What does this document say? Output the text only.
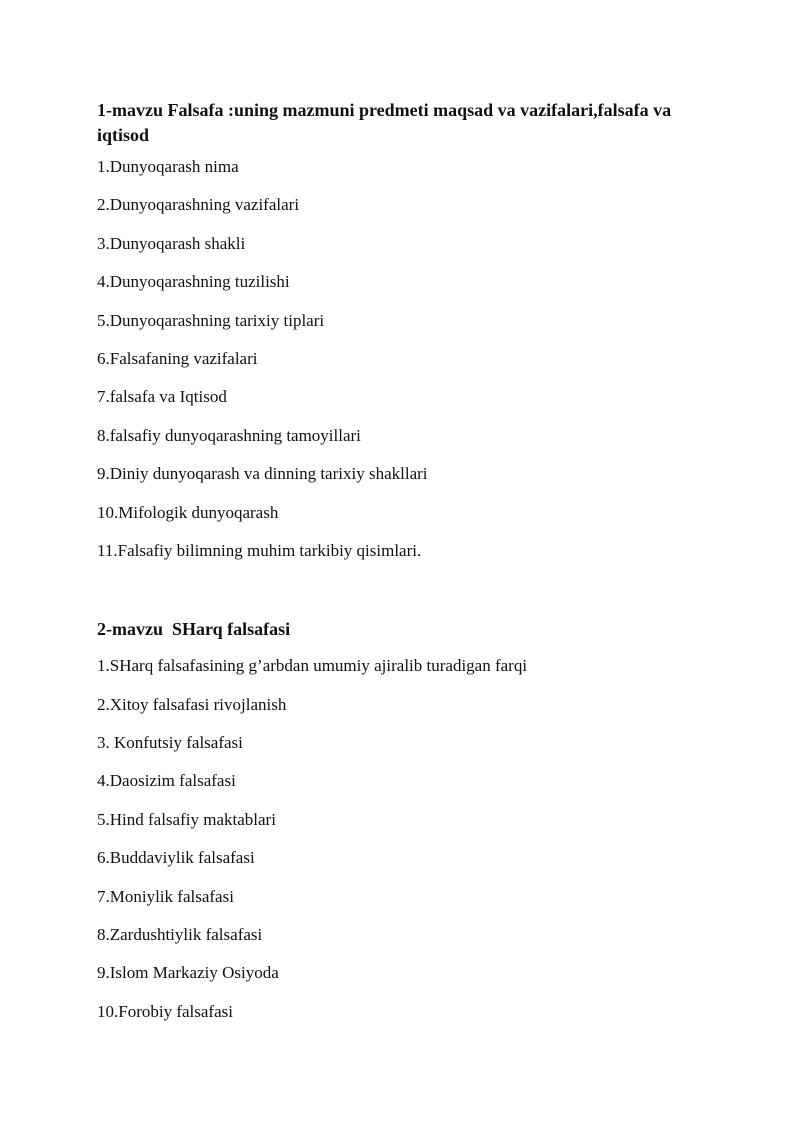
1-mavzu Falsafa :uning mazmuni predmeti maqsad va vazifalari,falsafa va iqtisod
1.Dunyoqarash nima
2.Dunyoqarashning vazifalari
3.Dunyoqarash shakli
4.Dunyoqarashning tuzilishi
5.Dunyoqarashning tarixiy tiplari
6.Falsafaning vazifalari
7.falsafa va Iqtisod
8.falsafiy dunyoqarashning tamoyillari
9.Diniy dunyoqarash va dinning tarixiy shakllari
10.Mifologik dunyoqarash
11.Falsafiy bilimning muhim tarkibiy qisimlari.
2-mavzu  SHarq falsafasi
1.SHarq falsafasining g’arbdan umumiy ajiralib turadigan farqi
2.Xitoy falsafasi rivojlanish
3. Konfutsiy falsafasi
4.Daosizim falsafasi
5.Hind falsafiy maktablari
6.Buddaviylik falsafasi
7.Moniylik falsafasi
8.Zardushtiylik falsafasi
9.Islom Markaziy Osiyoda
10.Forobiy falsafasi
